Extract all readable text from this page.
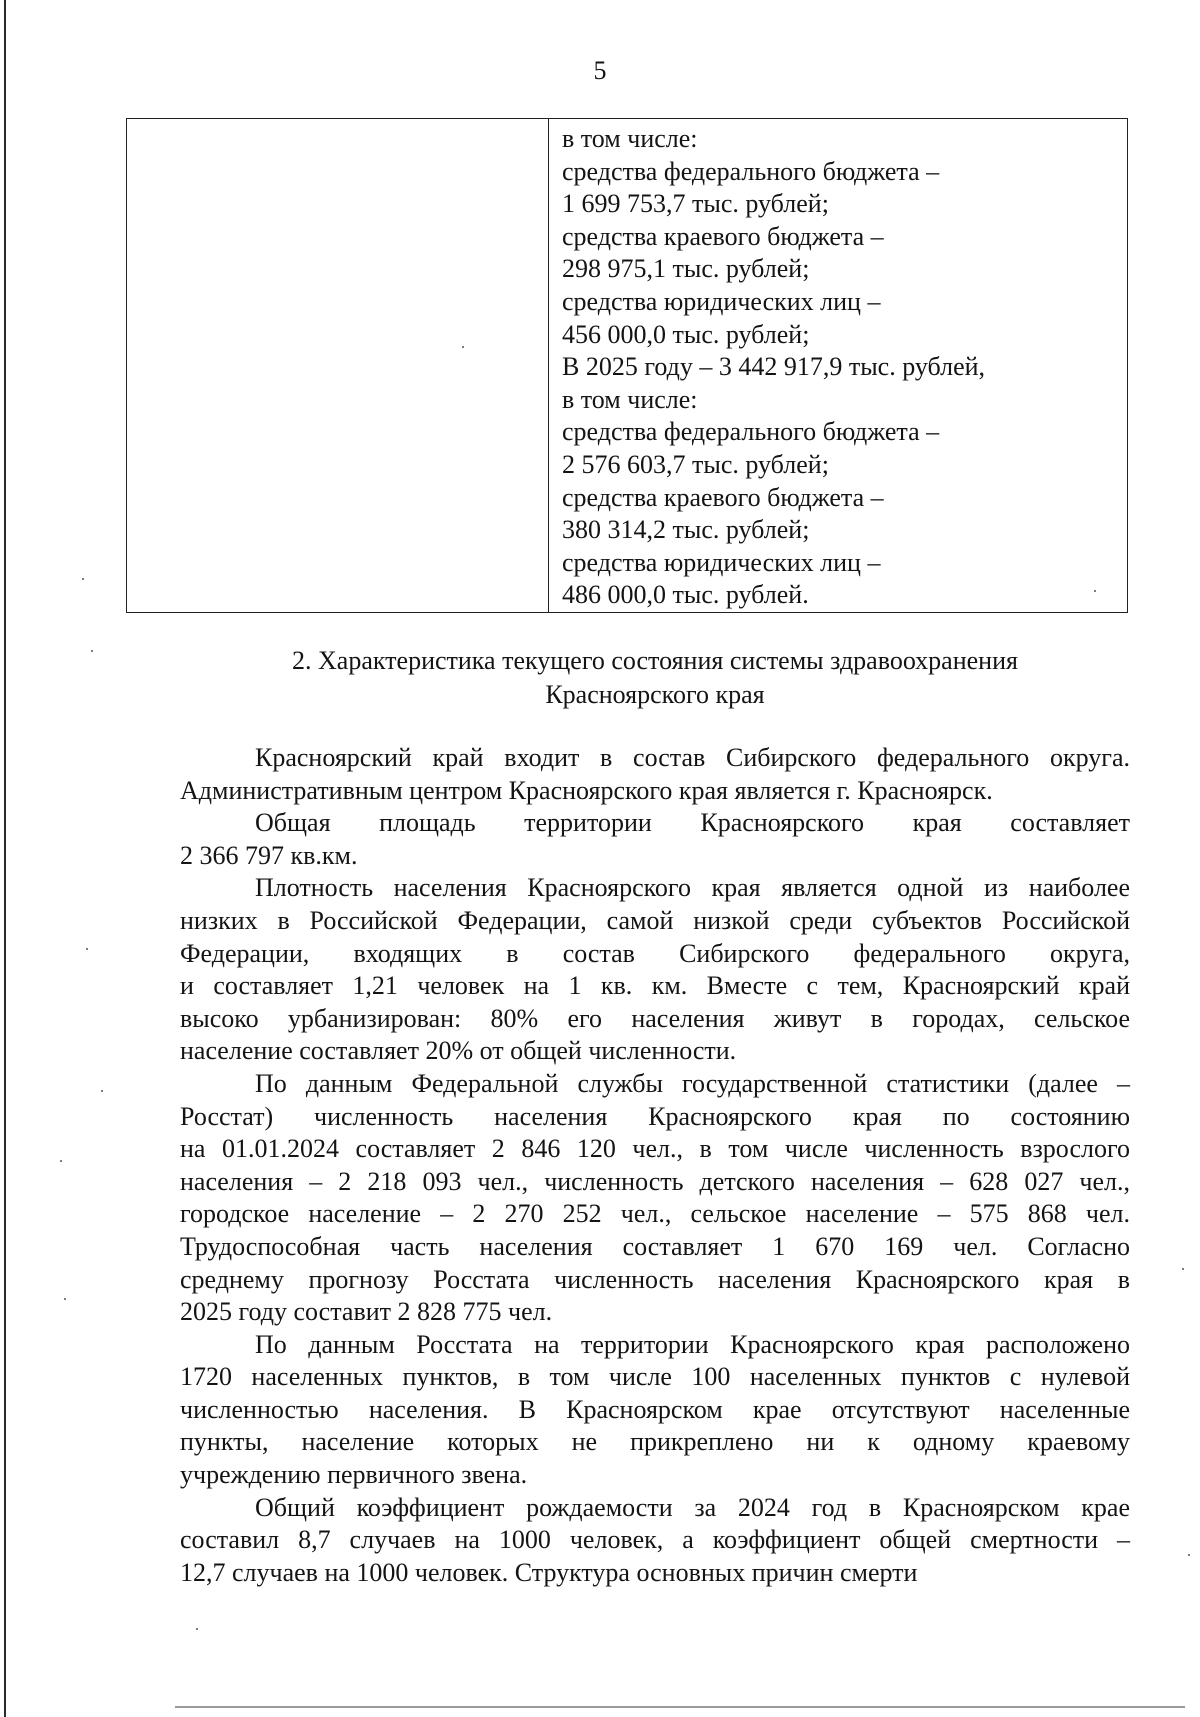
5

в том числе:
средства федерального бюджета –
1 699 753,7 тыс. рублей;
средства краевого бюджета –
298 975,1 тыс. рублей;
средства юридических лиц –
456 000,0 тыс. рублей;
В 2025 году – 3 442 917,9 тыс. рублей,
в том числе:
средства федерального бюджета –
2 576 603,7 тыс. рублей;
средства краевого бюджета –
380 314,2 тыс. рублей;
средства юридических лиц –
486 000,0 тыс. рублей.
2. Характеристика текущего состояния системы здравоохранения
Красноярского края
Красноярский край входит в состав Сибирского федерального округа.
Административным центром Красноярского края является г. Красноярск.
Общая площадь территории Красноярского края составляет
2 366 797 кв.км.
Плотность населения Красноярского края является одной из наиболее
низких в Российской Федерации, самой низкой среди субъектов Российской
Федерации, входящих в состав Сибирского федерального округа,
и составляет 1,21 человек на 1 кв. км. Вместе с тем, Красноярский край
высоко урбанизирован: 80% его населения живут в городах, сельское
население составляет 20% от общей численности.
По данным Федеральной службы государственной статистики (далее –
Росстат) численность населения Красноярского края по состоянию
на 01.01.2024 составляет 2 846 120 чел., в том числе численность взрослого
населения – 2 218 093 чел., численность детского населения – 628 027 чел.,
городское население – 2 270 252 чел., сельское население – 575 868 чел.
Трудоспособная часть населения составляет 1 670 169 чел. Согласно
среднему прогнозу Росстата численность населения Красноярского края в
2025 году составит 2 828 775 чел.
По данным Росстата на территории Красноярского края расположено
1720 населенных пунктов, в том числе 100 населенных пунктов с нулевой
численностью населения. В Красноярском крае отсутствуют населенные
пункты, население которых не прикреплено ни к одному краевому
учреждению первичного звена.
Общий коэффициент рождаемости за 2024 год в Красноярском крае
составил 8,7 случаев на 1000 человек, а коэффициент общей смертности –
12,7 случаев на 1000 человек. Структура основных причин смерти
